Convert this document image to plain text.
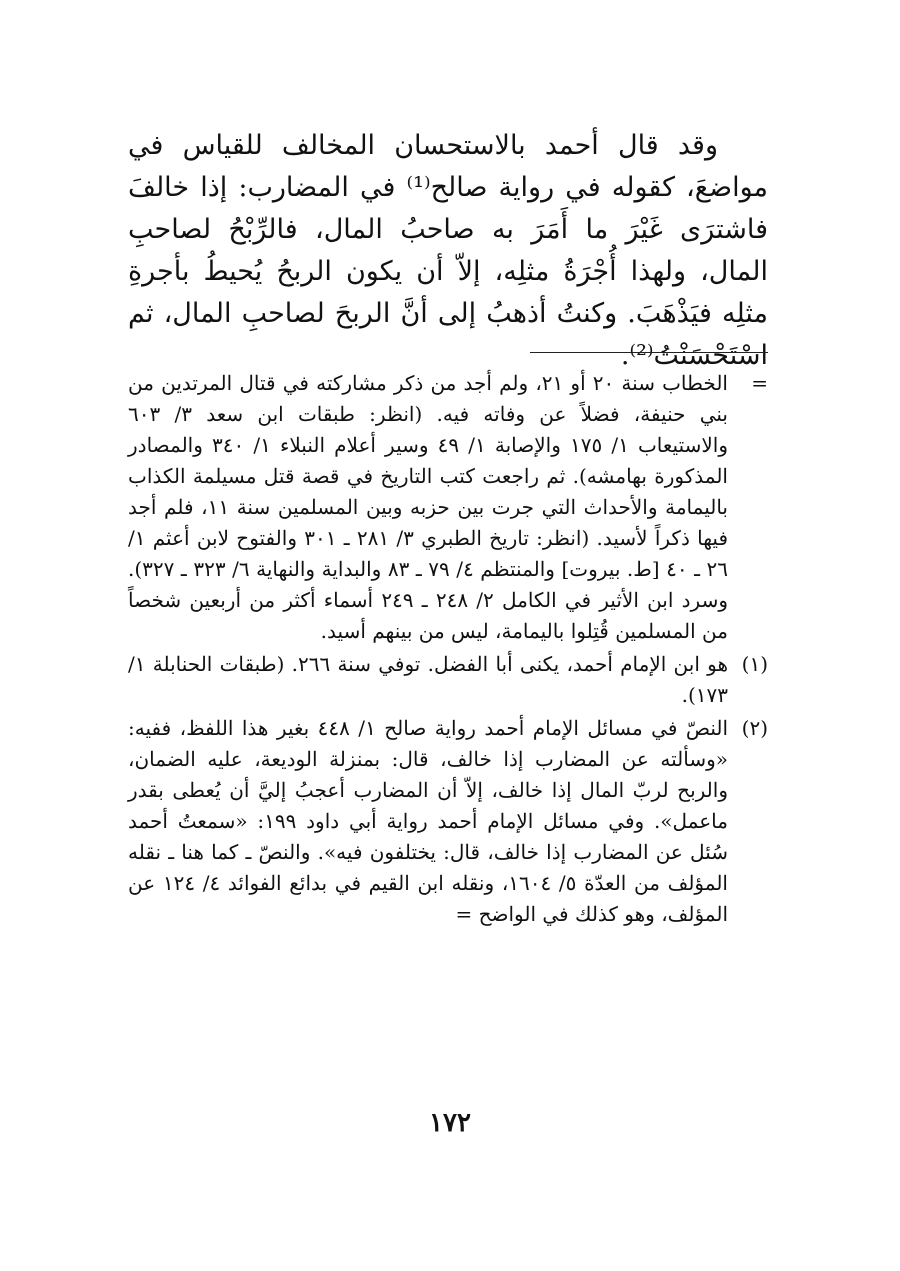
وقد قال أحمد بالاستحسان المخالف للقياس في مواضعَ، كقوله في رواية صالح⁽¹⁾ في المضارب: إذا خالفَ فاشترَى غَيْرَ ما أَمَرَ به صاحبُ المال، فالرِّبْحُ لصاحبِ المال، ولهذا أُجْرَةُ مثلِه، إلاّ أن يكون الربحُ يُحيطُ بأجرةِ مثلِه فيَذْهَبَ. وكنتُ أذهبُ إلى أنَّ الربحَ لصاحبِ المال، ثم اسْتَحْسَنْتُ⁽²⁾.

=
الخطاب سنة ٢٠ أو ٢١، ولم أجد من ذكر مشاركته في قتال المرتدين من بني حنيفة، فضلاً عن وفاته فيه. (انظر: طبقات ابن سعد ٣/ ٦٠٣ والاستيعاب ١/ ١٧٥ والإصابة ١/ ٤٩ وسير أعلام النبلاء ١/ ٣٤٠ والمصادر المذكورة بهامشه). ثم راجعت كتب التاريخ في قصة قتل مسيلمة الكذاب باليمامة والأحداث التي جرت بين حزبه وبين المسلمين سنة ١١، فلم أجد فيها ذكراً لأسيد. (انظر: تاريخ الطبري ٣/ ٢٨١ ـ ٣٠١ والفتوح لابن أعثم ١/ ٢٦ ـ ٤٠ [ط. بيروت] والمنتظم ٤/ ٧٩ ـ ٨٣ والبداية والنهاية ٦/ ٣٢٣ ـ ٣٢٧). وسرد ابن الأثير في الكامل ٢/ ٢٤٨ ـ ٢٤٩ أسماء أكثر من أربعين شخصاً من المسلمين قُتِلوا باليمامة، ليس من بينهم أسيد.
(١)
هو ابن الإمام أحمد، يكنى أبا الفضل. توفي سنة ٢٦٦. (طبقات الحنابلة ١/ ١٧٣).
(٢)
النصّ في مسائل الإمام أحمد رواية صالح ١/ ٤٤٨ بغير هذا اللفظ، ففيه: «وسألته عن المضارب إذا خالف، قال: بمنزلة الوديعة، عليه الضمان، والربح لربّ المال إذا خالف، إلاّ أن المضارب أعجبُ إليَّ أن يُعطى بقدر ماعمل». وفي مسائل الإمام أحمد رواية أبي داود ١٩٩: «سمعتُ أحمد سُئل عن المضارب إذا خالف، قال: يختلفون فيه». والنصّ ـ كما هنا ـ نقله المؤلف من العدّة ٥/ ١٦٠٤، ونقله ابن القيم في بدائع الفوائد ٤/ ١٢٤ عن المؤلف، وهو كذلك في الواضح =
١٧٢
